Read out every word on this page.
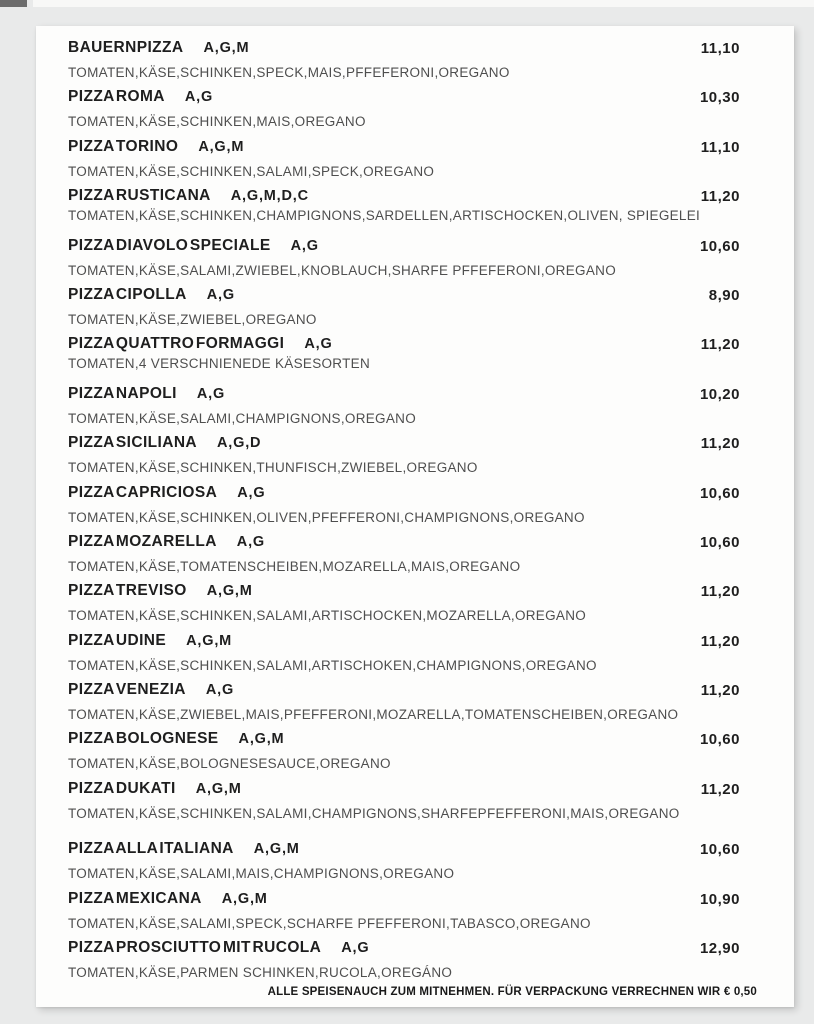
BAUERNPIZZA A,G,M	11,10
TOMATEN,KÄSE,SCHINKEN,SPECK,MAIS,PFFEFERONI,OREGANO
PIZZA ROMA A,G	10,30
TOMATEN,KÄSE,SCHINKEN,MAIS,OREGANO
PIZZA TORINO A,G,M	11,10
TOMATEN,KÄSE,SCHINKEN,SALAMI,SPECK,OREGANO
PIZZA RUSTICANA A,G,M,D,C	11,20
TOMATEN,KÄSE,SCHINKEN,CHAMPIGNONS,SARDELLEN,ARTISCHOCKEN,OLIVEN, SPIEGELEI
PIZZA DIAVOLO SPECIALE A,G	10,60
TOMATEN,KÄSE,SALAMI,ZWIEBEL,KNOBLAUCH,SHARFE PFFEFERONI,OREGANO
PIZZA CIPOLLA A,G	8,90
TOMATEN,KÄSE,ZWIEBEL,OREGANO
PIZZA QUATTRO FORMAGGI A,G	11,20
TOMATEN,4 VERSCHNIENEDE KÄSESORTEN
PIZZA NAPOLI A,G	10,20
TOMATEN,KÄSE,SALAMI,CHAMPIGNONS,OREGANO
PIZZA SICILIANA A,G,D	11,20
TOMATEN,KÄSE,SCHINKEN,THUNFISCH,ZWIEBEL,OREGANO
PIZZA CAPRICIOSA A,G	10,60
TOMATEN,KÄSE,SCHINKEN,OLIVEN,PFEFFERONI,CHAMPIGNONS,OREGANO
PIZZA MOZARELLA A,G	10,60
TOMATEN,KÄSE,TOMATENSCHEIBEN,MOZARELLA,MAIS,OREGANO
PIZZA TREVISO A,G,M	11,20
TOMATEN,KÄSE,SCHINKEN,SALAMI,ARTISCHOCKEN,MOZARELLA,OREGANO
PIZZA UDINE A,G,M	11,20
TOMATEN,KÄSE,SCHINKEN,SALAMI,ARTISCHOKEN,CHAMPIGNONS,OREGANO
PIZZA VENEZIA A,G	11,20
TOMATEN,KÄSE,ZWIEBEL,MAIS,PFEFFERONI,MOZARELLA,TOMATENSCHEIBEN,OREGANO
PIZZA BOLOGNESE A,G,M	10,60
TOMATEN,KÄSE,BOLOGNESESAUCE,OREGANO
PIZZA DUKATI A,G,M	11,20
TOMATEN,KÄSE,SCHINKEN,SALAMI,CHAMPIGNONS,SHARFEPFEFFERONI,MAIS,OREGANO
PIZZA ALLA ITALIANA A,G,M	10,60
TOMATEN,KÄSE,SALAMI,MAIS,CHAMPIGNONS,OREGANO
PIZZA MEXICANA A,G,M	10,90
TOMATEN,KÄSE,SALAMI,SPECK,SCHARFE PFEFFERONI,TABASCO,OREGANO
PIZZA PROSCIUTTO MIT RUCOLA A,G	12,90
TOMATEN,KÄSE,PARMEN SCHINKEN,RUCOLA,OREGÁNO
ALLE SPEISENAUCH ZUM MITNEHMEN. FÜR VERPACKUNG VERRECHNEN WIR € 0,50
